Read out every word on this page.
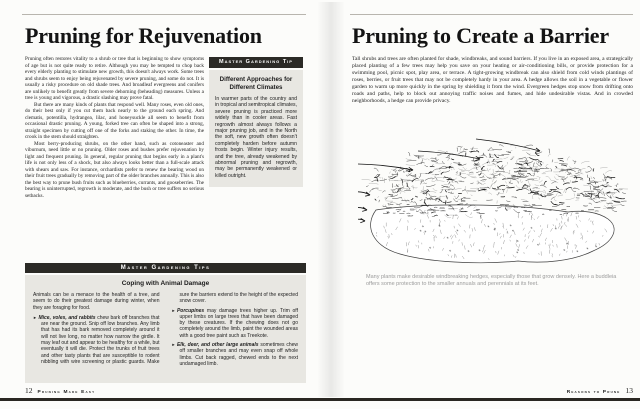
Pruning for Rejuvenation

Pruning often restores vitality to a shrub or tree that is beginning to show symptoms of age but is not quite ready to retire. Although you may be tempted to chop back every elderly planting to stimulate new growth, this doesn't always work. Some trees and shrubs seem to enjoy being rejuvenated by severe pruning, and some do not. It is usually a risky procedure on old shade trees. And broadleaf evergreens and conifers are unlikely to benefit greatly from severe dehorning (beheading) measures. Unless a tree is young and vigorous, a drastic slashing may prove fatal.

But there are many kinds of plants that respond well. Many roses, even old ones, do their best only if you cut them back nearly to the ground each spring. And clematis, potentilla, hydrangea, lilac, and honeysuckle all seem to benefit from occasional drastic pruning. A young, forked tree can often be shaped into a strong, straight specimen by cutting off one of the forks and staking the other. In time, the crook in the stem should straighten.

Most berry-producing shrubs, on the other hand, such as cotoneaster and viburnum, need little or no pruning. Older roses and bushes prefer rejuvenation by light and frequent pruning. In general, regular pruning that begins early in a plant's life is not only less of a shock, but also always looks better than a full-scale attack with shears and saw. For instance, orchardists prefer to renew the bearing wood on their fruit trees gradually by removing part of the older branches annually. This is also the best way to prune bush fruits such as blueberries, currants, and gooseberries. The bearing is uninterrupted, regrowth is moderate, and the bush or tree suffers no serious setbacks.

Master Gardening Tip
Different Approaches for Different Climates
In warmer parts of the country and in tropical and semitropical climates, severe pruning is practiced more widely than in cooler areas. Fast regrowth almost always follows a major pruning job, and in the North the soft, new growth often doesn't completely harden before autumn frosts begin. Winter injury results, and the tree, already weakened by abnormal pruning and regrowth, may be permanently weakened or killed outright.
Master Gardening Tips
Coping with Animal Damage

Animals can be a menace to the health of a tree, and seem to do their greatest damage during winter, when they are foraging for food.

► Mice, voles, and rabbits chew bark off branches that are near the ground. Snip off low branches. Any limb that has had its bark removed completely around it will not live long, no matter how narrow the girdle. It may leaf out and appear to be healthy for a while, but eventually it will die. Protect the trunks of fruit trees and other tasty plants that are susceptible to rodent nibbling with wire screening or plastic guards. Make sure the barriers extend to the height of the expected snow cover.
► Porcupines may damage trees higher up. Trim off upper limbs on large trees that have been damaged by these creatures. If the chewing does not go completely around the limb, paint the wounded areas with a good tree paint such as Treekote.
► Elk, deer, and other large animals sometimes chew off smaller branches and may even snap off whole limbs. Cut back ragged, chewed ends to the next undamaged limb.
12 Pruning Made Easy
Pruning to Create a Barrier

Tall shrubs and trees are often planted for shade, windbreaks, and sound barriers. If you live in an exposed area, a strategically placed planting of a few trees may help you save on your heating or air-conditioning bills, or provide protection for a swimming pool, picnic spot, play area, or terrace. A tight-growing windbreak can also shield from cold winds plantings of roses, berries, or fruit trees that may not be completely hardy in your area. A hedge allows the soil in a vegetable or flower garden to warm up more quickly in the spring by shielding it from the wind. Evergreen hedges stop snow from drifting onto roads and paths, help to block out annoying traffic noises and fumes, and hide undesirable vistas. And in crowded neighborhoods, a hedge can provide privacy.

Many plants make desirable windbreaking hedges, especially those that grow densely. Here a buddleia offers some protection to the smaller annuals and perennials at its feet.
Reasons to Prune 13
